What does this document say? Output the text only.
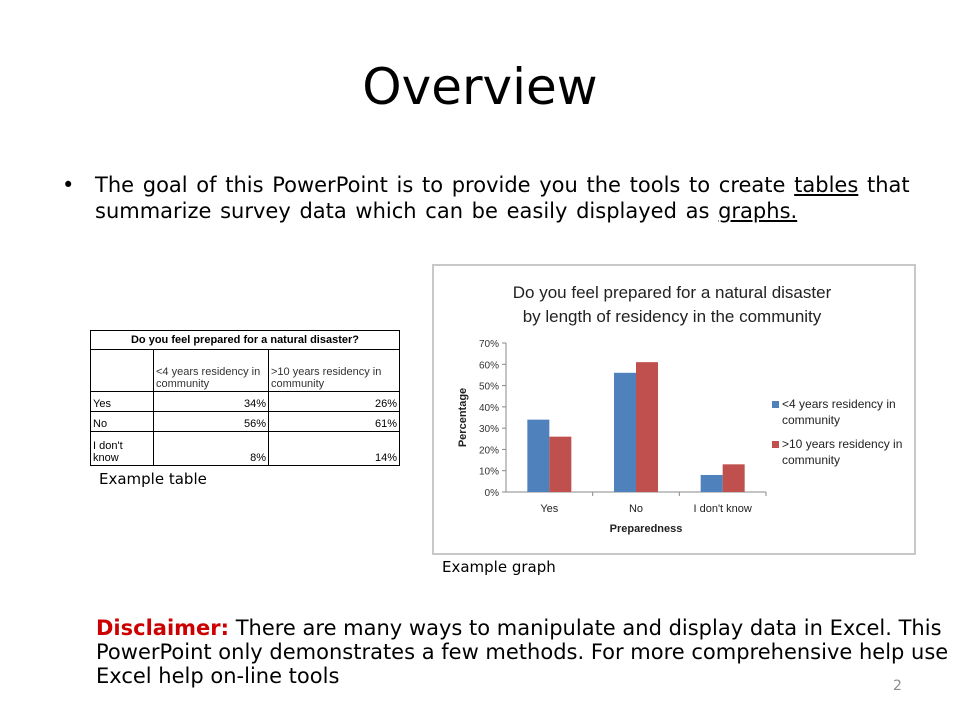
Overview
• The goal of this PowerPoint is to provide you the tools to create tables that summarize survey data which can be easily displayed as graphs.
Do you feel prepared for a natural disaster?		
	<4 years residency in community	>10 years residency in community
Yes	34%	26%
No	56%	61%
I don't know	8%	14%
Example table
Do you feel prepared for a natural disaster
by length of residency in the community
0%
10%
20%
30%
40%
50%
60%
70%
Yes	No	I don't know
Preparedness
Percentage	<4 years residency in
community
>10 years residency in
community
Example graph
Disclaimer: There are many ways to manipulate and display data in Excel. This PowerPoint only demonstrates a few methods. For more comprehensive help use Excel help on-line tools	2
